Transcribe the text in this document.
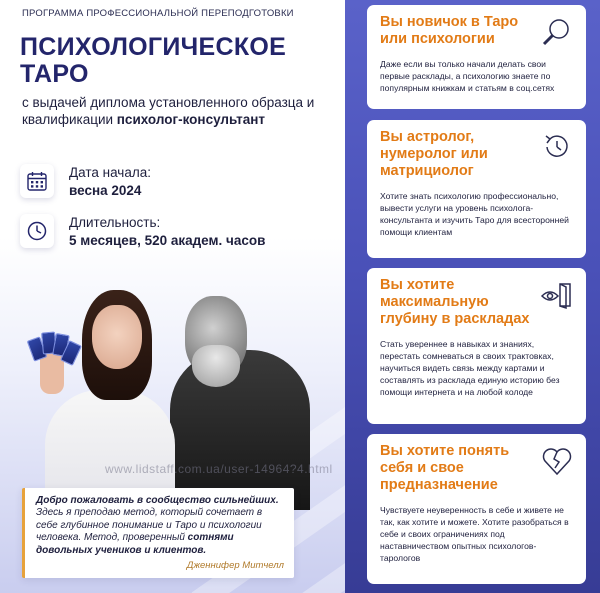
ПРОГРАММА ПРОФЕССИОНАЛЬНОЙ ПЕРЕПОДГОТОВКИ
ПСИХОЛОГИЧЕСКОЕ
ТАРО
с выдачей диплома установленного образца и квалификации психолог-консультант
Дата начала:
весна 2024
Длительность:
5 месяцев, 520 академ. часов
www.lidstaff.com.ua/user-14964?4.html

Добро пожаловать в сообщество сильнейших. Здесь я преподаю метод, который сочетает в себе глубинное понимание и Таро и психологии человека. Метод, проверенный сотнями довольных учеников и клиентов.

Дженнифер Митчелл
Вы новичок в Таро или психологии

Даже если вы только начали делать свои первые расклады, а психологию знаете по популярным книжкам и статьям в соц.сетях

Вы астролог, нумеролог или матрициолог

Хотите знать психологию профессионально, вывести услуги на уровень психолога-консультанта и изучить Таро для всесторонней помощи клиентам

Вы хотите максимальную глубину в раскладах

Стать увереннее в навыках и знаниях, перестать сомневаться в своих трактовках, научиться видеть связь между картами и составлять из расклада единую историю без помощи интернета и на любой колоде

Вы хотите понять себя и свое предназначение

Чувствуете неуверенность в себе и живете не так, как хотите и можете. Хотите разобраться в себе и своих ограничениях под наставничеством опытных психологов-тарологов

MANY-COURSES.NET
